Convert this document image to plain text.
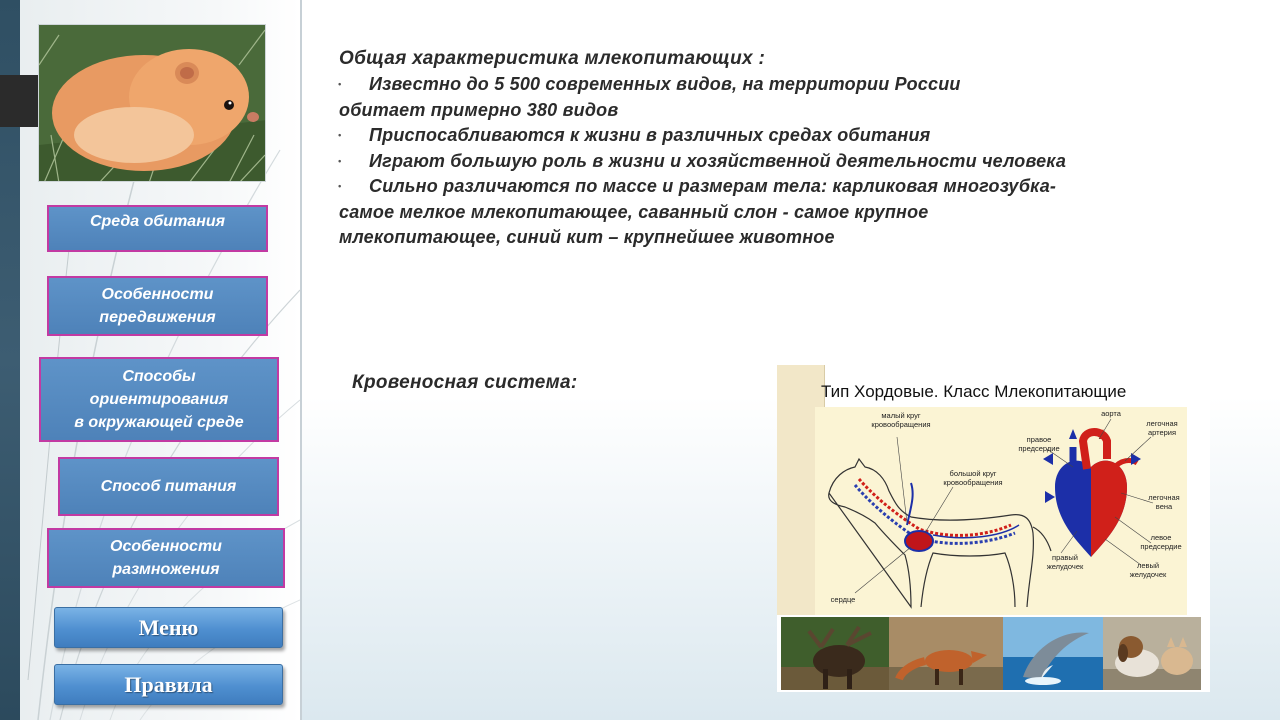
Среда обитания
Особенности
передвижения
Способы
ориентирования
в окружающей среде
Способ питания
Особенности
размножения
Меню
Правила
Общая характеристика млекопитающих :
• Известно до 5 500 современных видов, на территории России
обитает примерно 380 видов
• Приспосабливаются к жизни в различных средах обитания
• Играют большую роль в жизни и хозяйственной деятельности человека
• Сильно различаются по массе и размерам тела: карликовая многозубка-
самое мелкое млекопитающее, саванный слон - самое крупное
млекопитающее, синий кит – крупнейшее животное
Кровеносная система:	Тип Хордовые. Класс Млекопитающие
малый круг
кровообращения
большой круг
кровообращения
сердце
правое
предсердие
аорта
легочная
артерия
легочная
вена
левое
предсердие
правый
желудочек	левый
желудочек
